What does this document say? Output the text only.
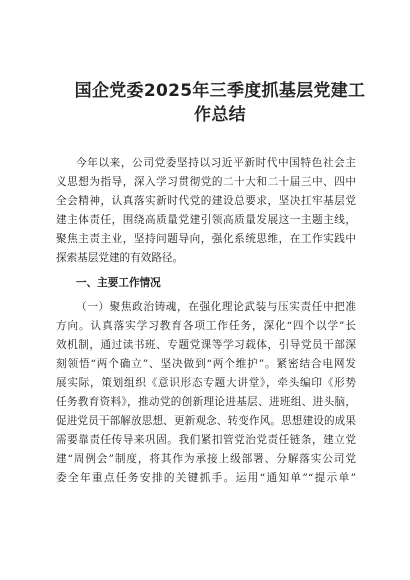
国企党委2025年三季度抓基层党建工
作总结
今年以来，公司党委坚持以习近平新时代中国特色社会主
义思想为指导，深入学习贯彻党的二十大和二十届三中、四中
全会精神，认真落实新时代党的建设总要求，坚决扛牢基层党
建主体责任，围绕高质量党建引领高质量发展这一主题主线，
聚焦主责主业，坚持问题导向，强化系统思维，在工作实践中
探索基层党建的有效路径。
一、主要工作情况
（一）聚焦政治铸魂，在强化理论武装与压实责任中把准
方向。认真落实学习教育各项工作任务，深化“四个以学”长
效机制，通过读书班、专题党课等学习载体，引导党员干部深
刻领悟“两个确立”、坚决做到“两个维护”。紧密结合电网发
展实际，策划组织《意识形态专题大讲堂》，牵头编印《形势
任务教育资料》，推动党的创新理论进基层、进班组、进头脑，
促进党员干部解放思想、更新观念、转变作风。思想建设的成果
需要靠责任传导来巩固。我们紧扣管党治党责任链条，建立党
建“周例会”制度，将其作为承接上级部署、分解落实公司党
委全年重点任务安排的关键抓手。运用“通知单”“提示单”
